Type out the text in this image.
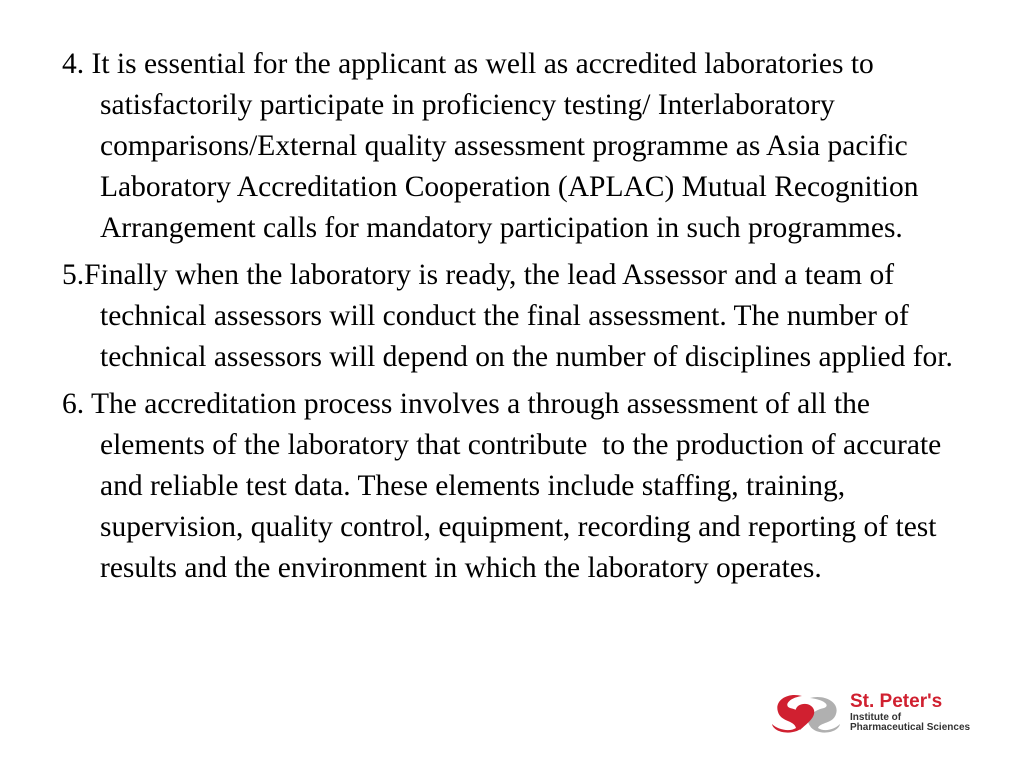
4. It is essential for the applicant as well as accredited laboratories to satisfactorily participate in proficiency testing/ Interlaboratory comparisons/External quality assessment programme as Asia pacific Laboratory Accreditation Cooperation (APLAC) Mutual Recognition Arrangement calls for mandatory participation in such programmes.

5.Finally when the laboratory is ready, the lead Assessor and a team of technical assessors will conduct the final assessment. The number of technical assessors will depend on the number of disciplines applied for.

6. The accreditation process involves a through assessment of all the elements of the laboratory that contribute  to the production of accurate and reliable test data. These elements include staffing, training, supervision, quality control, equipment, recording and reporting of test results and the environment in which the laboratory operates.

St. Peter's
Institute of
Pharmaceutical Sciences
